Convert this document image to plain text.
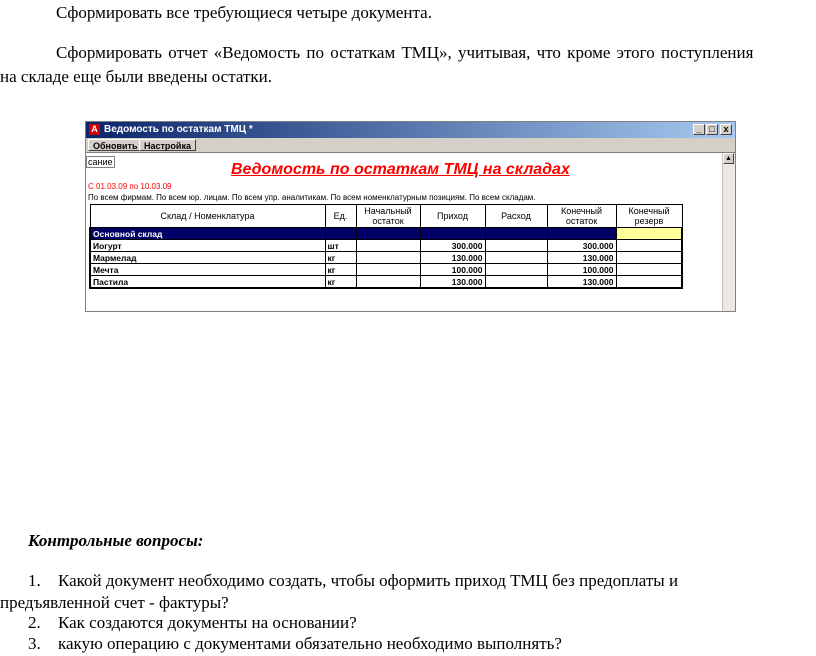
Сформировать все требующиеся четыре документа.
Сформировать отчет «Ведомость по остаткам ТМЦ», учитывая, что кроме этого поступления
на складе еще были введены остатки.
A Ведомость по остаткам ТМЦ *	_ □ x
Обновить Настройка
▲
сание	Ведомость по остаткам ТМЦ на складах
С 01.03.09 по 10.03.09
По всем фирмам. По всем юр. лицам. По всем упр. аналитикам. По всем номенклатурным позициям. По всем складам.
Склад / Номенклатура	Ед.	Начальный остаток	Приход	Расход	Конечный остаток	Конечный резерв
Основной склад						
Иогурт	шт		300.000		300.000	
Мармелад	кг		130.000		130.000	
Мечта	кг		100.000		100.000	
Пастила	кг		130.000		130.000	
Контрольные вопросы:
1. Какой документ необходимо создать, чтобы оформить приход ТМЦ без предоплаты и
предъявленной счет - фактуры?
2. Как создаются документы на основании?
3. какую операцию с документами обязательно необходимо выполнять?
